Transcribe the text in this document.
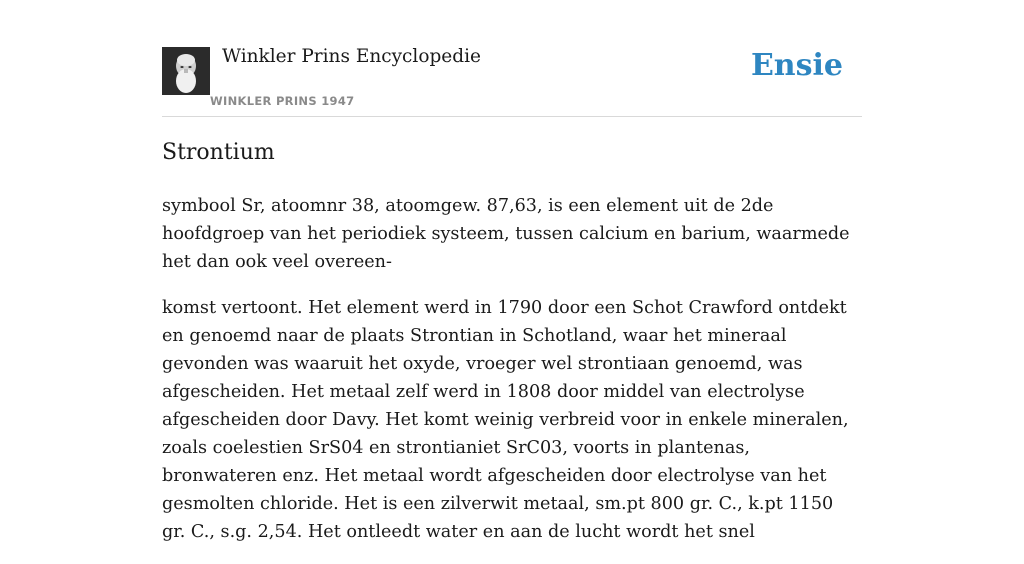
Winkler Prins Encyclopedie
WINKLER PRINS 1947
Ensie
Strontium

symbool Sr, atoomnr 38, atoomgew. 87,63, is een element uit de 2de hoofdgroep van het periodiek systeem, tussen calcium en barium, waarmede het dan ook veel overeen-

komst vertoont. Het element werd in 1790 door een Schot Crawford ontdekt en genoemd naar de plaats Strontian in Schotland, waar het mineraal gevonden was waaruit het oxyde, vroeger wel strontiaan genoemd, was afgescheiden. Het metaal zelf werd in 1808 door middel van electrolyse afgescheiden door Davy. Het komt weinig verbreid voor in enkele mineralen, zoals coelestien SrS04 en strontianiet SrC03, voorts in plantenas, bronwateren enz. Het metaal wordt afgescheiden door electrolyse van het gesmolten chloride. Het is een zilverwit metaal, sm.pt 800 gr. C., k.pt 1150 gr. C., s.g. 2,54. Het ontleedt water en aan de lucht wordt het snel
